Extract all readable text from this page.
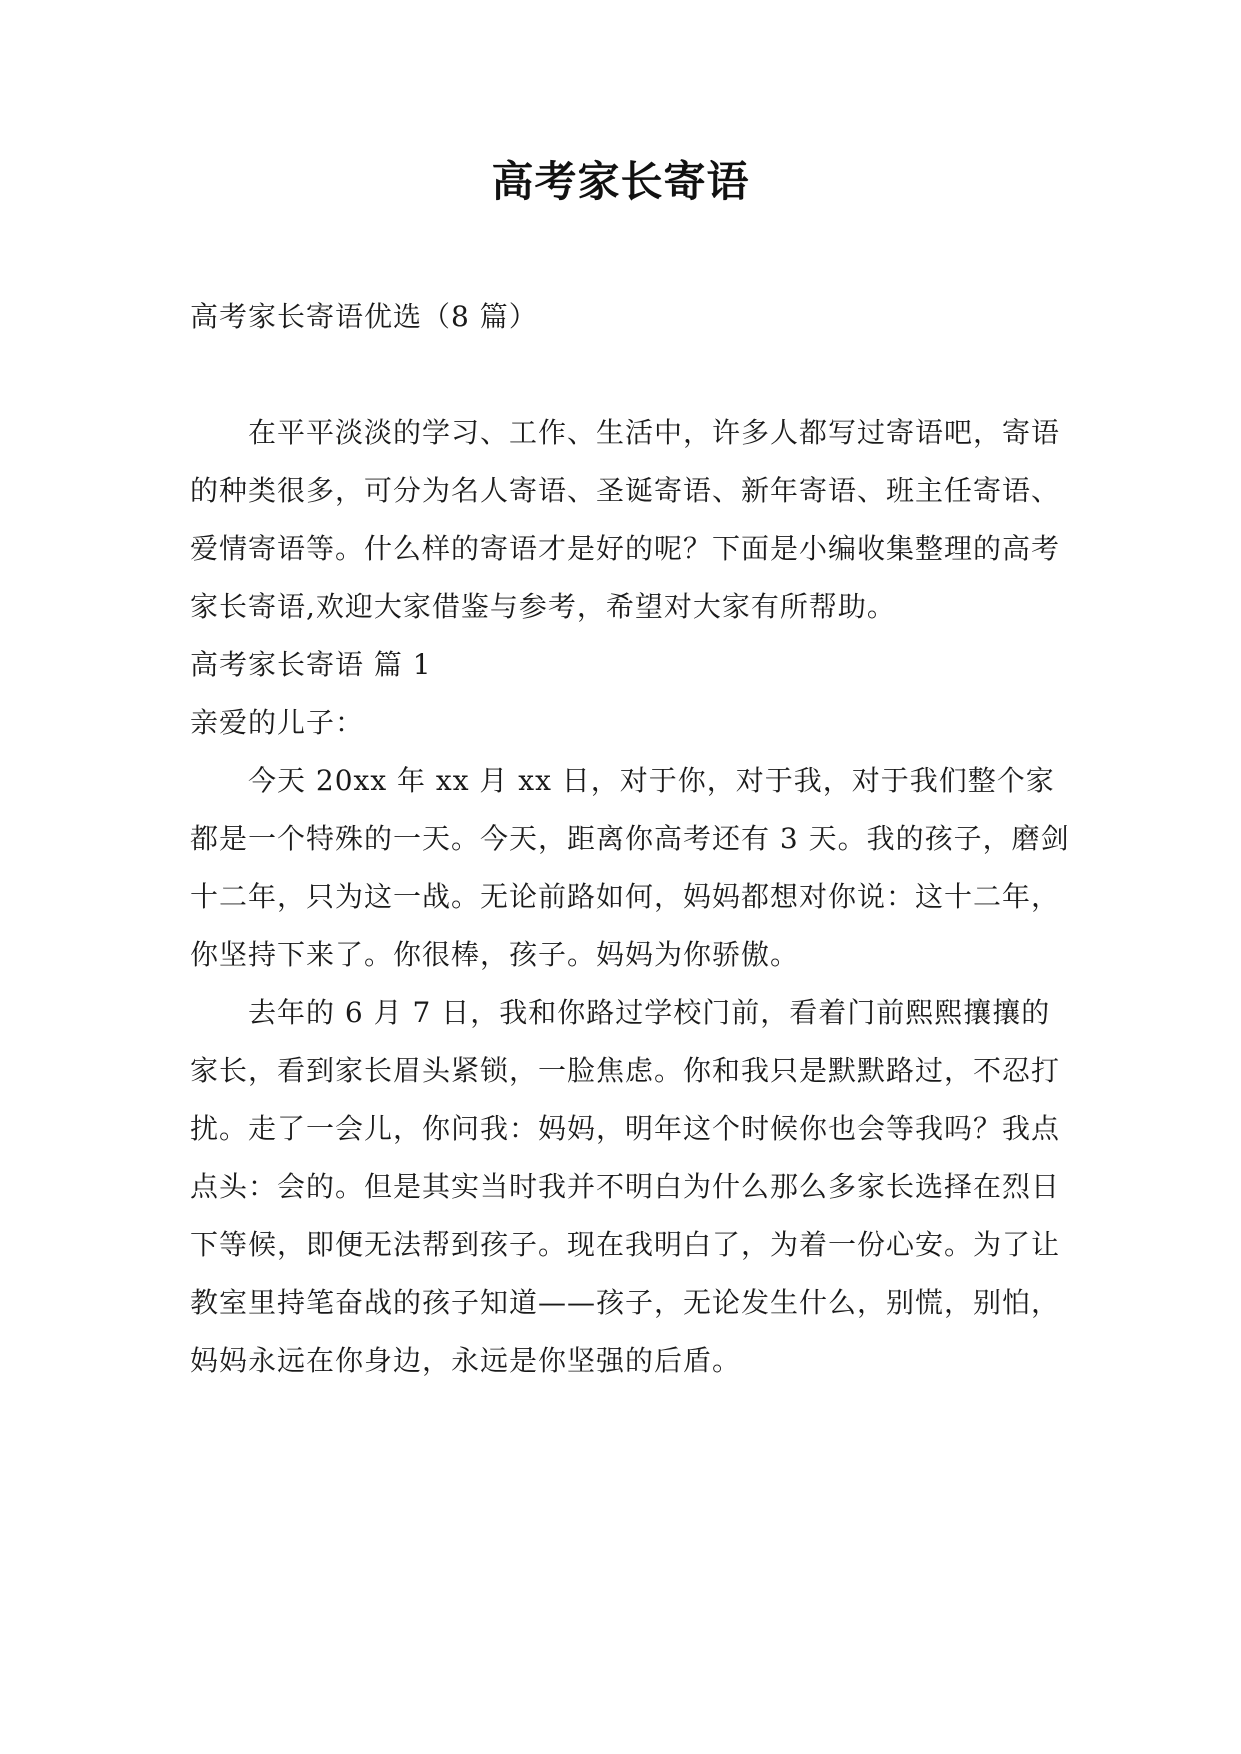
高考家长寄语

高考家长寄语优选（8 篇）

在平平淡淡的学习、工作、生活中，许多人都写过寄语吧，寄语的种类很多，可分为名人寄语、圣诞寄语、新年寄语、班主任寄语、爱情寄语等。什么样的寄语才是好的呢？下面是小编收集整理的高考家长寄语,欢迎大家借鉴与参考，希望对大家有所帮助。

高考家长寄语 篇 1

亲爱的儿子：

今天 20xx 年 xx 月 xx 日，对于你，对于我，对于我们整个家都是一个特殊的一天。今天，距离你高考还有 3 天。我的孩子，磨剑十二年，只为这一战。无论前路如何，妈妈都想对你说：这十二年，你坚持下来了。你很棒，孩子。妈妈为你骄傲。

去年的 6 月 7 日，我和你路过学校门前，看着门前熙熙攘攘的家长，看到家长眉头紧锁，一脸焦虑。你和我只是默默路过，不忍打扰。走了一会儿，你问我：妈妈，明年这个时候你也会等我吗？我点点头：会的。但是其实当时我并不明白为什么那么多家长选择在烈日下等候，即便无法帮到孩子。现在我明白了，为着一份心安。为了让教室里持笔奋战的孩子知道——孩子，无论发生什么，别慌，别怕，妈妈永远在你身边，永远是你坚强的后盾。
